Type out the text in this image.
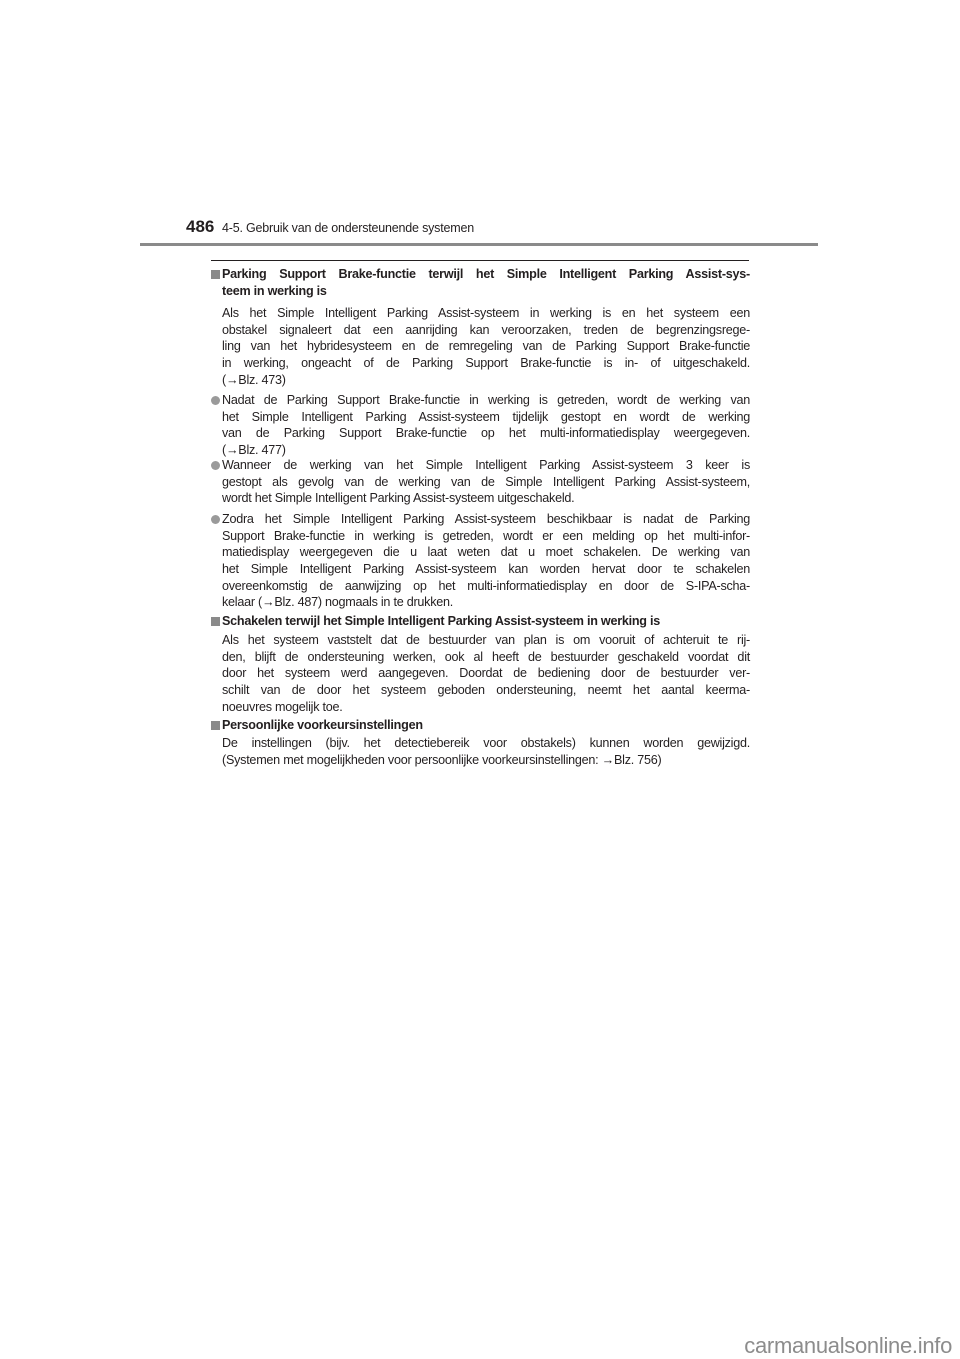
486 4-5. Gebruik van de ondersteunende systemen
Parking Support Brake-functie terwijl het Simple Intelligent Parking Assist-sys-
teem in werking is
Als het Simple Intelligent Parking Assist-systeem in werking is en het systeem een
obstakel signaleert dat een aanrijding kan veroorzaken, treden de begrenzingsrege-
ling van het hybridesysteem en de remregeling van de Parking Support Brake-functie
in werking, ongeacht of de Parking Support Brake-functie is in- of uitgeschakeld.
(→Blz. 473)
Nadat de Parking Support Brake-functie in werking is getreden, wordt de werking van
het Simple Intelligent Parking Assist-systeem tijdelijk gestopt en wordt de werking
van de Parking Support Brake-functie op het multi-informatiedisplay weergegeven.
(→Blz. 477)
Wanneer de werking van het Simple Intelligent Parking Assist-systeem 3 keer is
gestopt als gevolg van de werking van de Simple Intelligent Parking Assist-systeem,
wordt het Simple Intelligent Parking Assist-systeem uitgeschakeld.
Zodra het Simple Intelligent Parking Assist-systeem beschikbaar is nadat de Parking
Support Brake-functie in werking is getreden, wordt er een melding op het multi-infor-
matiedisplay weergegeven die u laat weten dat u moet schakelen. De werking van
het Simple Intelligent Parking Assist-systeem kan worden hervat door te schakelen
overeenkomstig de aanwijzing op het multi-informatiedisplay en door de S-IPA-scha-
kelaar (→Blz. 487) nogmaals in te drukken.
Schakelen terwijl het Simple Intelligent Parking Assist-systeem in werking is
Als het systeem vaststelt dat de bestuurder van plan is om vooruit of achteruit te rij-
den, blijft de ondersteuning werken, ook al heeft de bestuurder geschakeld voordat dit
door het systeem werd aangegeven. Doordat de bediening door de bestuurder ver-
schilt van de door het systeem geboden ondersteuning, neemt het aantal keerma-
noeuvres mogelijk toe.
Persoonlijke voorkeursinstellingen
De instellingen (bijv. het detectiebereik voor obstakels) kunnen worden gewijzigd.
(Systemen met mogelijkheden voor persoonlijke voorkeursinstellingen: →Blz. 756)
carmanualsonline.info
